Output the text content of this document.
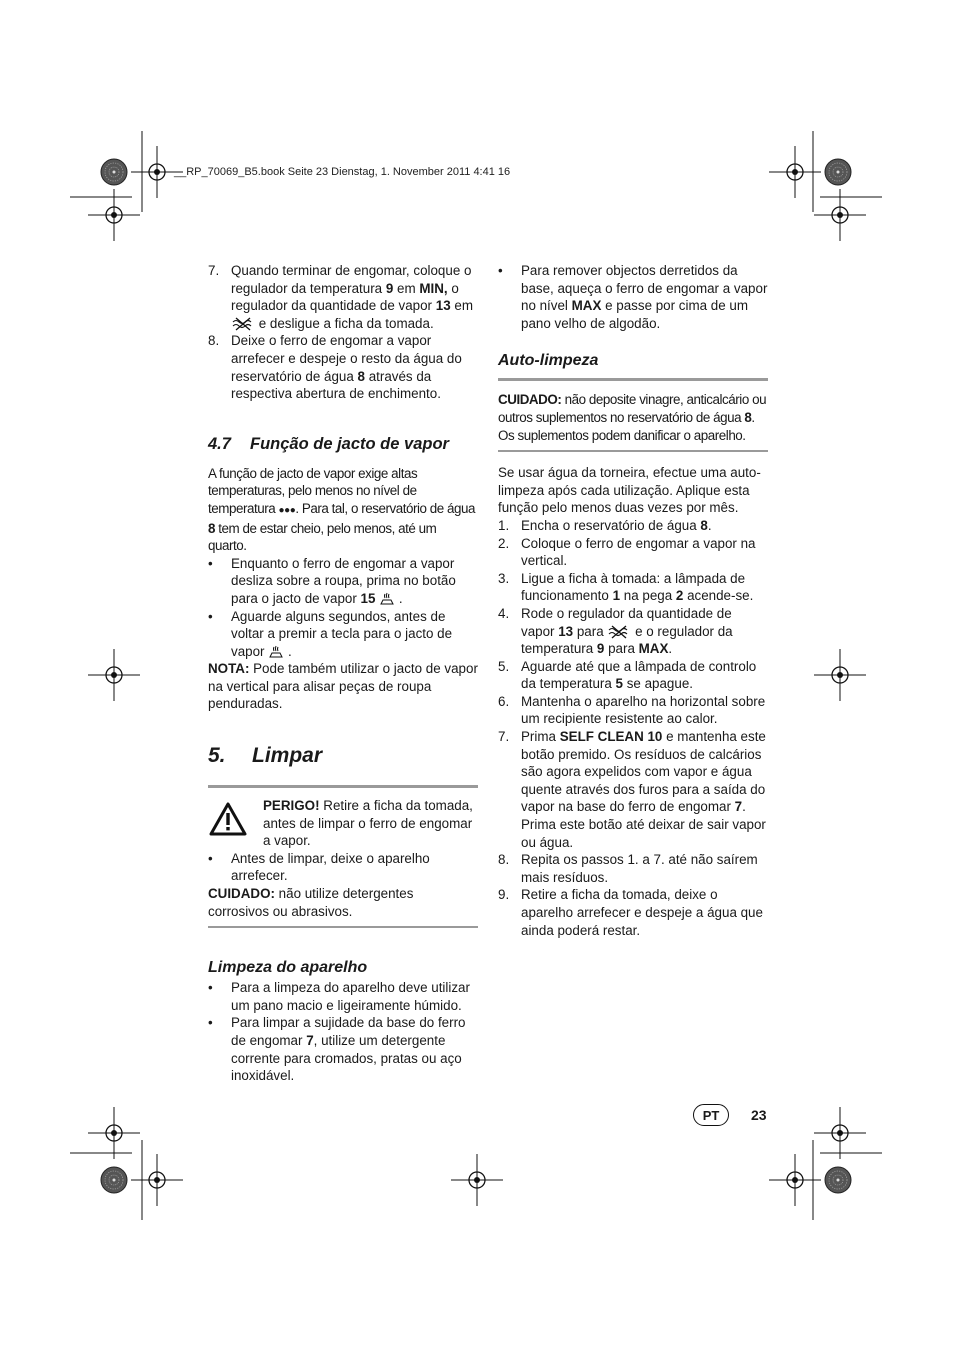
__RP_70069_B5.book Seite 23 Dienstag, 1. November 2011 4:41 16
7. Quando terminar de engomar, coloque o regulador da temperatura 9 em MIN, o regulador da quantidade de vapor 13 em  e desligue a ficha da tomada.
8. Deixe o ferro de engomar a vapor arrefecer e despeje o resto da água do reservatório de água 8 através da respectiva abertura de enchimento.
4.7 Função de jacto de vapor

A função de jacto de vapor exige altas temperaturas, pelo menos no nível de temperatura ●●●. Para tal, o reservatório de água 8 tem de estar cheio, pelo menos, até um quarto.

• Enquanto o ferro de engomar a vapor desliza sobre a roupa, prima no botão para o jacto de vapor 15  .
• Aguarde alguns segundos, antes de voltar a premir a tecla para o jacto de vapor  .

NOTA: Pode também utilizar o jacto de vapor na vertical para alisar peças de roupa penduradas.

5. Limpar
PERIGO! Retire a ficha da tomada, antes de limpar o ferro de engomar a vapor.
• Antes de limpar, deixe o aparelho arrefecer.

CUIDADO: não utilize detergentes corrosivos ou abrasivos.

Limpeza do aparelho
• Para a limpeza do aparelho deve utilizar um pano macio e ligeiramente húmido.
• Para limpar a sujidade da base do ferro de engomar 7, utilize um detergente corrente para cromados, pratas ou aço inoxidável.
• Para remover objectos derretidos da base, aqueça o ferro de engomar a vapor no nível MAX e passe por cima de um pano velho de algodão.
Auto-limpeza

CUIDADO: não deposite vinagre, anticalcário ou outros suplementos no reservatório de água 8. Os suplementos podem danificar o aparelho.

Se usar água da torneira, efectue uma auto-limpeza após cada utilização. Aplique esta função pelo menos duas vezes por mês.

1. Encha o reservatório de água 8.
2. Coloque o ferro de engomar a vapor na vertical.
3. Ligue a ficha à tomada: a lâmpada de funcionamento 1 na pega 2 acende-se.
4. Rode o regulador da quantidade de vapor 13 para  e o regulador da temperatura 9 para MAX.
5. Aguarde até que a lâmpada de controlo da temperatura 5 se apague.
6. Mantenha o aparelho na horizontal sobre um recipiente resistente ao calor.
7. Prima SELF CLEAN 10 e mantenha este botão premido. Os resíduos de calcários são agora expelidos com vapor e água quente através dos furos para a saída do vapor na base do ferro de engomar 7. Prima este botão até deixar de sair vapor ou água.
8. Repita os passos 1. a 7. até não saírem mais resíduos.
9. Retire a ficha da tomada, deixe o aparelho arrefecer e despeje a água que ainda poderá restar.
PT	23
